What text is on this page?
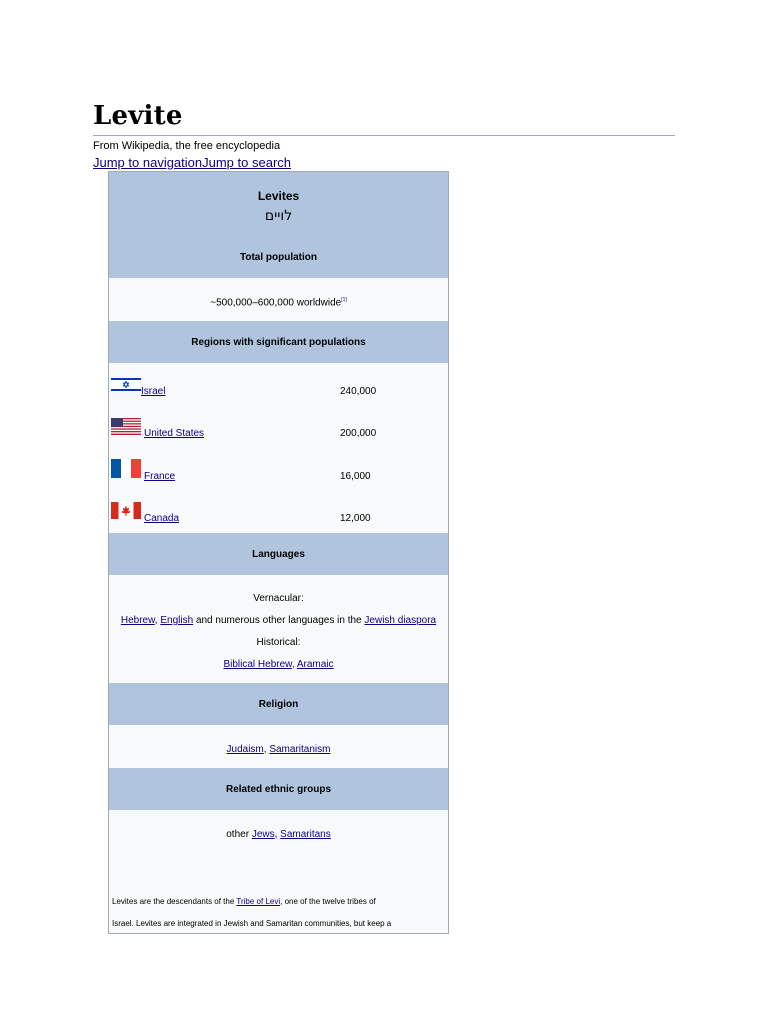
Levite
From Wikipedia, the free encyclopedia
Jump to navigationJump to search
Levites
לויים
Total population
~500,000–600,000 worldwide[1]
Regions with significant populations
Israel	240,000
United States	200,000
France	16,000
Canada	12,000
Languages
Vernacular:
Hebrew, English and numerous other languages in the Jewish diaspora
Historical:
Biblical Hebrew, Aramaic
Religion
Judaism, Samaritanism
Related ethnic groups
other Jews, Samaritans
Levites are the descendants of the Tribe of Levi, one of the twelve tribes of
Israel. Levites are integrated in Jewish and Samaritan communities, but keep a
